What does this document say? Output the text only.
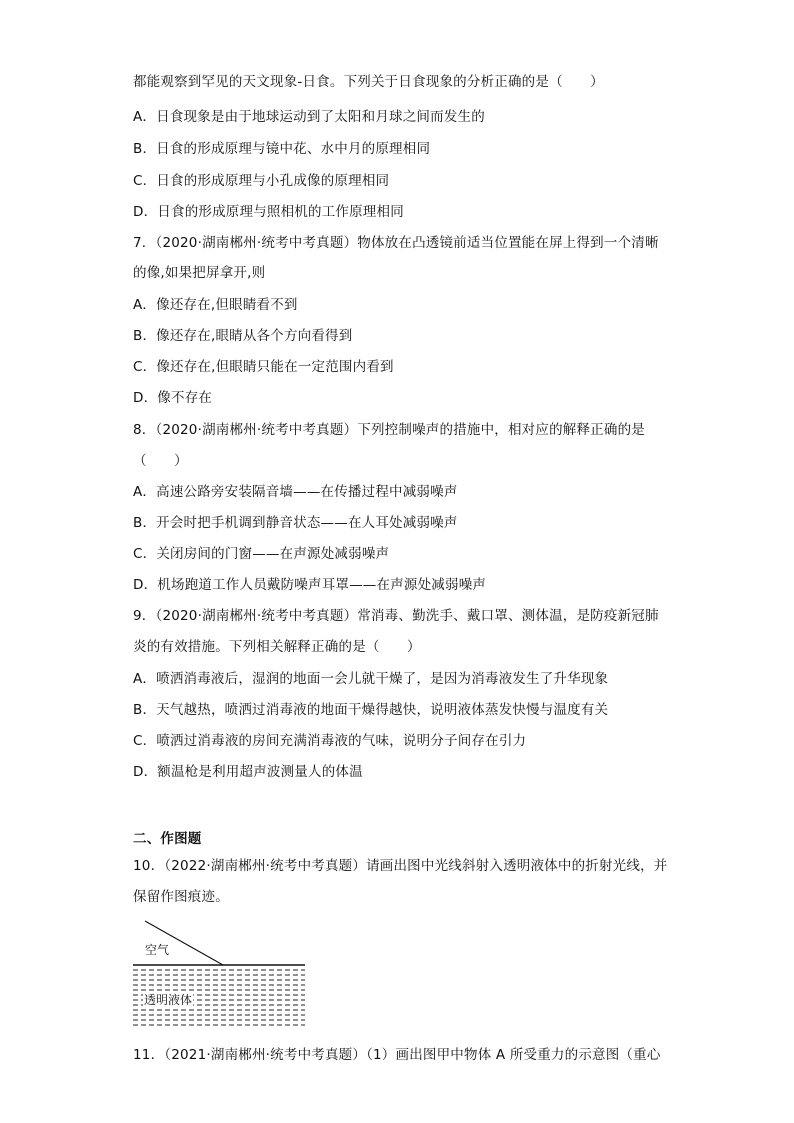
都能观察到罕见的天文现象-日食。下列关于日食现象的分析正确的是（　　）
A．日食现象是由于地球运动到了太阳和月球之间而发生的
B．日食的形成原理与镜中花、水中月的原理相同
C．日食的形成原理与小孔成像的原理相同
D．日食的形成原理与照相机的工作原理相同
7．（2020·湖南郴州·统考中考真题）物体放在凸透镜前适当位置能在屏上得到一个清晰
的像,如果把屏拿开,则
A．像还存在,但眼睛看不到
B．像还存在,眼睛从各个方向看得到
C．像还存在,但眼睛只能在一定范围内看到
D．像不存在
8．（2020·湖南郴州·统考中考真题）下列控制噪声的措施中，相对应的解释正确的是
（　　）
A．高速公路旁安装隔音墙——在传播过程中减弱噪声
B．开会时把手机调到静音状态——在人耳处减弱噪声
C．关闭房间的门窗——在声源处减弱噪声
D．机场跑道工作人员戴防噪声耳罩——在声源处减弱噪声
9．（2020·湖南郴州·统考中考真题）常消毒、勤洗手、戴口罩、测体温，是防疫新冠肺
炎的有效措施。下列相关解释正确的是（　　）
A．喷洒消毒液后，湿润的地面一会儿就干燥了，是因为消毒液发生了升华现象
B．天气越热，喷洒过消毒液的地面干燥得越快，说明液体蒸发快慢与温度有关
C．喷洒过消毒液的房间充满消毒液的气味，说明分子间存在引力
D．额温枪是利用超声波测量人的体温
二、作图题
10．（2022·湖南郴州·统考中考真题）请画出图中光线斜射入透明液体中的折射光线，并
保留作图痕迹。
空气
透明液体
11．（2021·湖南郴州·统考中考真题）（1）画出图甲中物体 A 所受重力的示意图（重心
